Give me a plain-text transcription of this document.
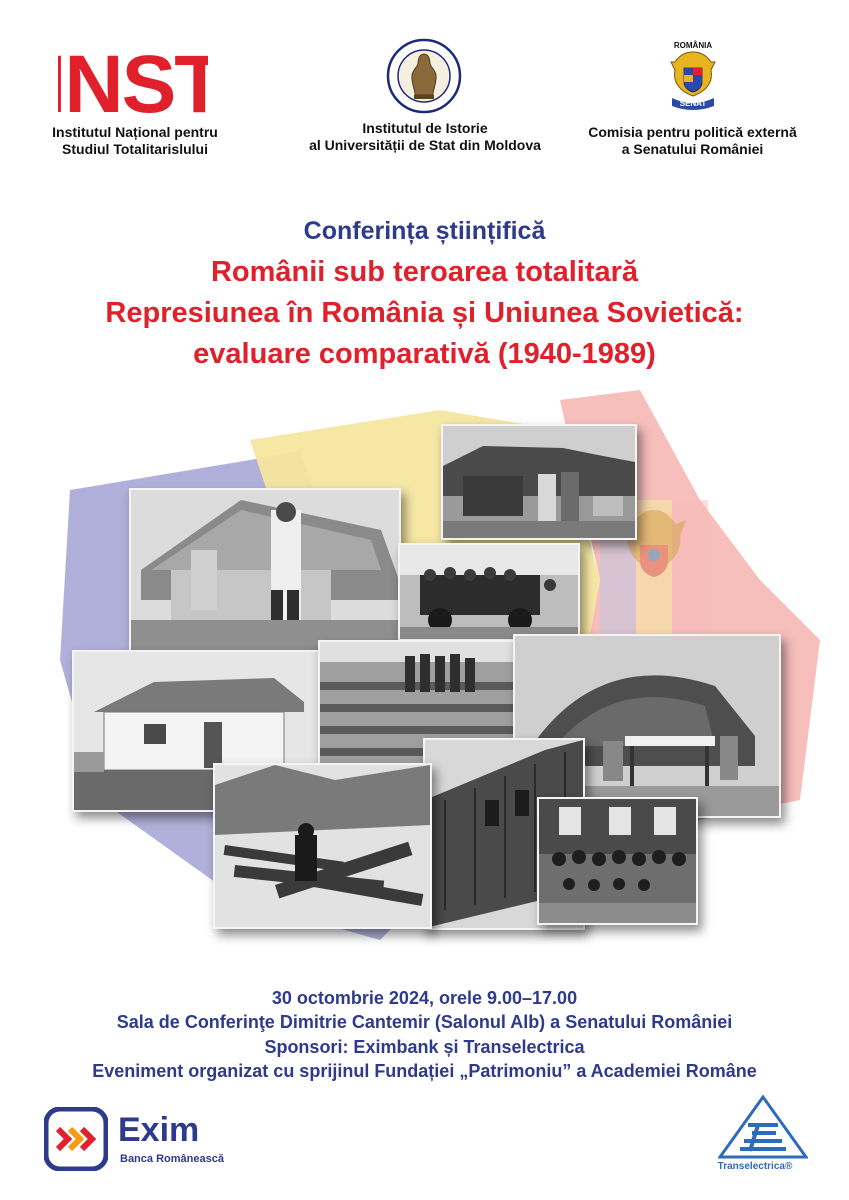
NST
Institutul Național pentru
Studiul Totalitarislului
Institutul de Istorie
al Universității de Stat din Moldova
ROMÂNIA
SENAT
Comisia pentru politică externă
a Senatului României
Conferința științifică
Românii sub teroarea totalitară
Represiunea în România și Uniunea Sovietică:
evaluare comparativă (1940-1989)
30 octombrie 2024, orele 9.00–17.00
Sala de Conferinţe Dimitrie Cantemir (Salonul Alb) a Senatului României
Sponsori: Eximbank și Transelectrica
Eveniment organizat cu sprijinul Fundației „Patrimoniu” a Academiei Române
Exim
Banca Românească
Transelectrica®
